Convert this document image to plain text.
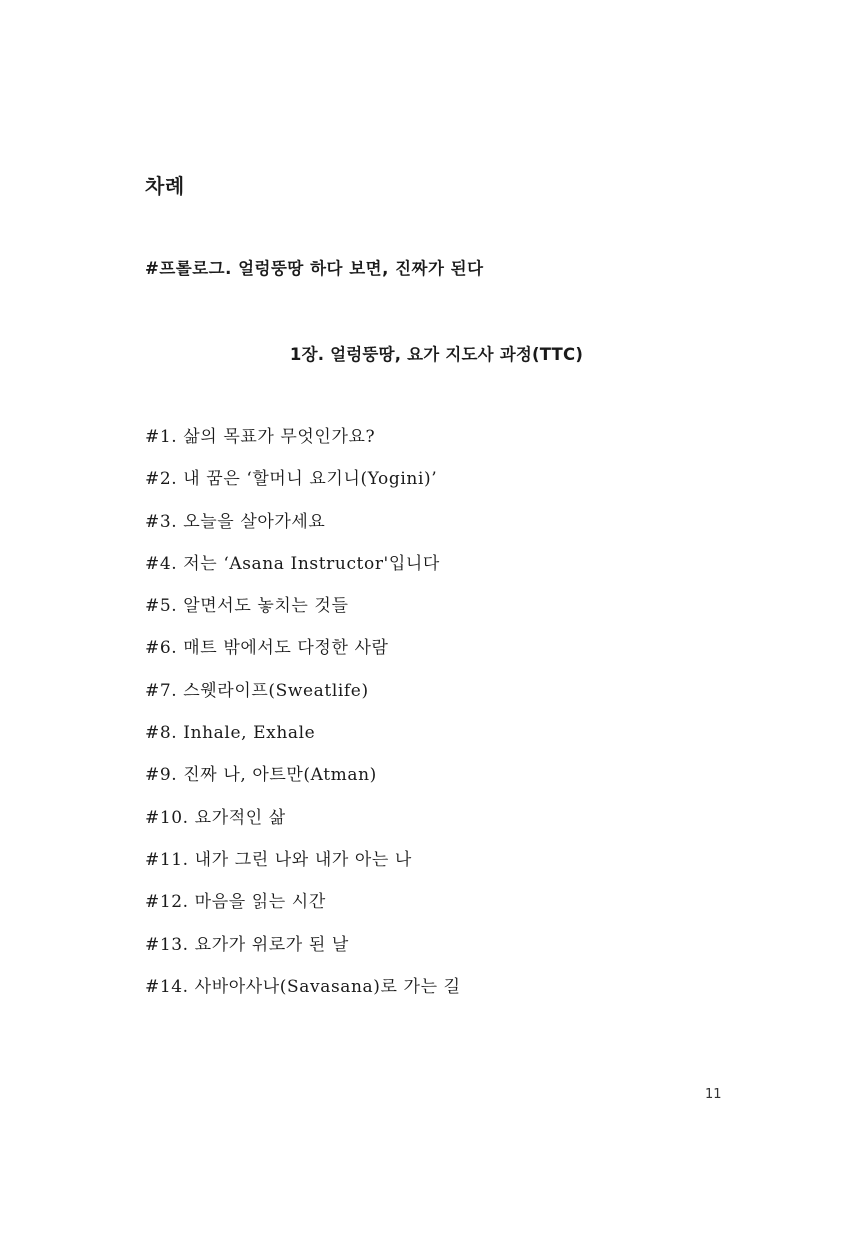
차례
#프롤로그. 얼렁뚱땅 하다 보면, 진짜가 된다
1장. 얼렁뚱땅, 요가 지도사 과정(TTC)
#1. 삶의 목표가 무엇인가요?
#2. 내 꿈은 ‘할머니 요기니(Yogini)’
#3. 오늘을 살아가세요
#4. 저는 ‘Asana Instructor'입니다
#5. 알면서도 놓치는 것들
#6. 매트 밖에서도 다정한 사람
#7. 스웻라이프(Sweatlife)
#8. Inhale, Exhale
#9. 진짜 나, 아트만(Atman)
#10. 요가적인 삶
#11. 내가 그린 나와 내가 아는 나
#12. 마음을 읽는 시간
#13. 요가가 위로가 된 날
#14. 사바아사나(Savasana)로 가는 길
11
